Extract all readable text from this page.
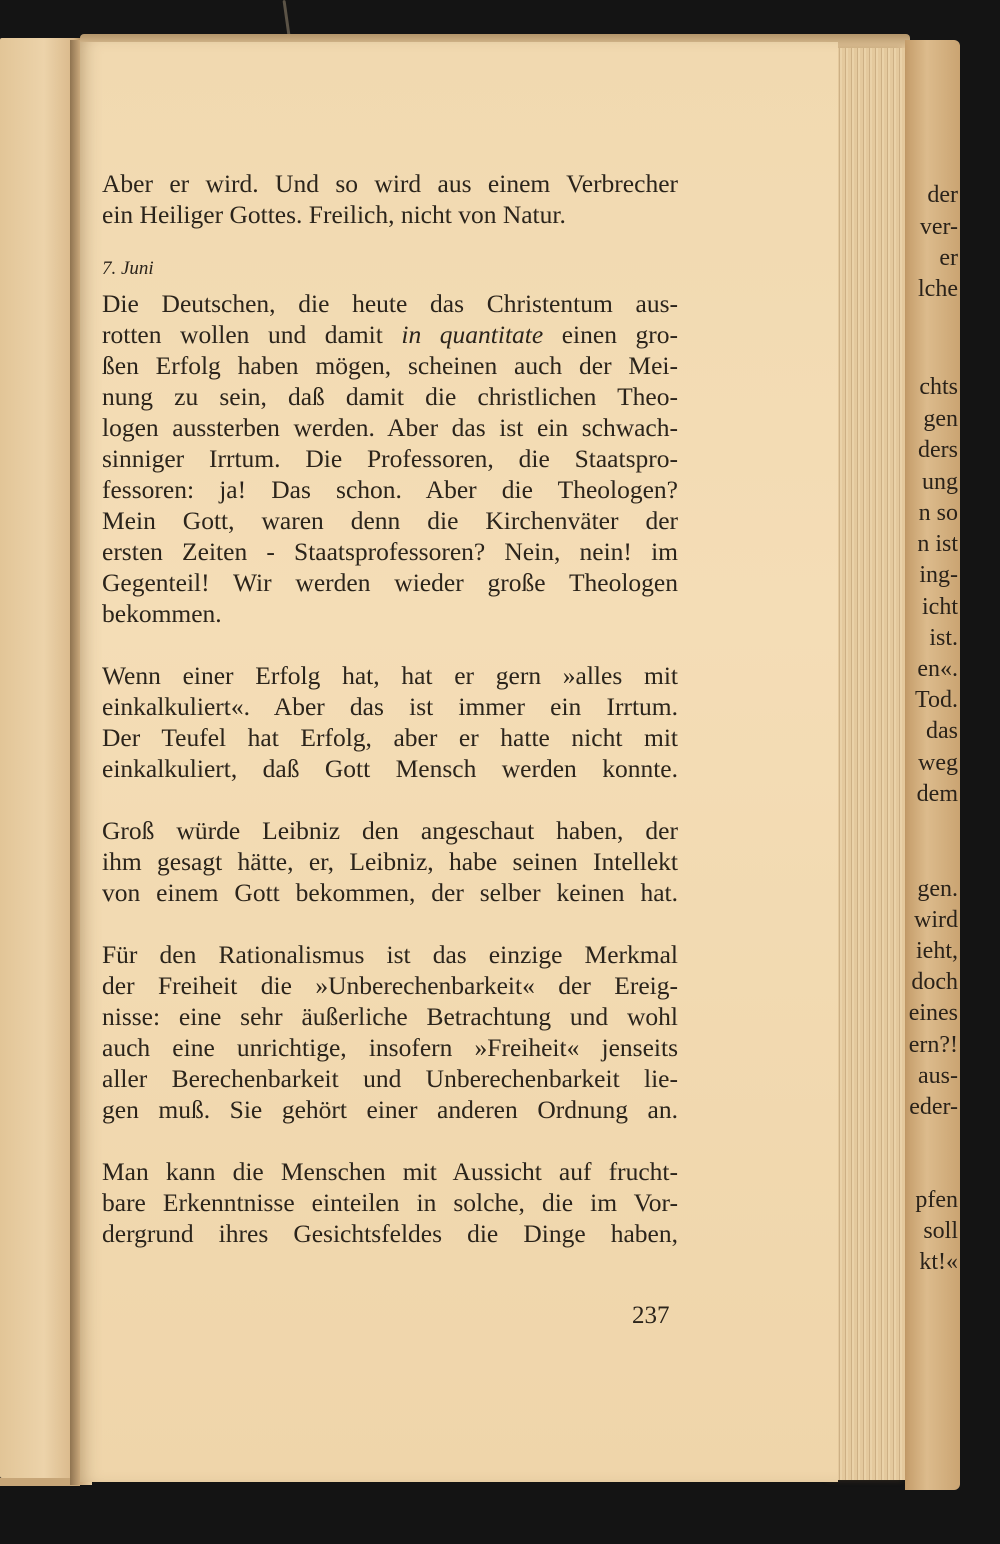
der

ver-

er

lche

chts

gen

ders

ung

n so

n ist

ing-

icht

ist.

en«.

Tod.

das

weg

dem

gen.

wird

ieht,

doch

eines

ern?!

aus-

eder-

pfen

soll

kt!«

Aber er wird. Und so wird aus einem Verbrecher

ein Heiliger Gottes. Freilich, nicht von Natur.

7. Juni

Die Deutschen, die heute das Christentum aus-

rotten wollen und damit in quantitate einen gro-

ßen Erfolg haben mögen, scheinen auch der Mei-

nung zu sein, daß damit die christlichen Theo-

logen aussterben werden. Aber das ist ein schwach-

sinniger Irrtum. Die Professoren, die Staatspro-

fessoren: ja! Das schon. Aber die Theologen?

Mein Gott, waren denn die Kirchenväter der

ersten Zeiten - Staatsprofessoren? Nein, nein! im

Gegenteil! Wir werden wieder große Theologen

bekommen.

Wenn einer Erfolg hat, hat er gern »alles mit

einkalkuliert«. Aber das ist immer ein Irrtum.

Der Teufel hat Erfolg, aber er hatte nicht mit

einkalkuliert, daß Gott Mensch werden konnte.

Groß würde Leibniz den angeschaut haben, der

ihm gesagt hätte, er, Leibniz, habe seinen Intellekt

von einem Gott bekommen, der selber keinen hat.

Für den Rationalismus ist das einzige Merkmal

der Freiheit die »Unberechenbarkeit« der Ereig-

nisse: eine sehr äußerliche Betrachtung und wohl

auch eine unrichtige, insofern »Freiheit« jenseits

aller Berechenbarkeit und Unberechenbarkeit lie-

gen muß. Sie gehört einer anderen Ordnung an.

Man kann die Menschen mit Aussicht auf frucht-

bare Erkenntnisse einteilen in solche, die im Vor-

dergrund ihres Gesichtsfeldes die Dinge haben,

237
